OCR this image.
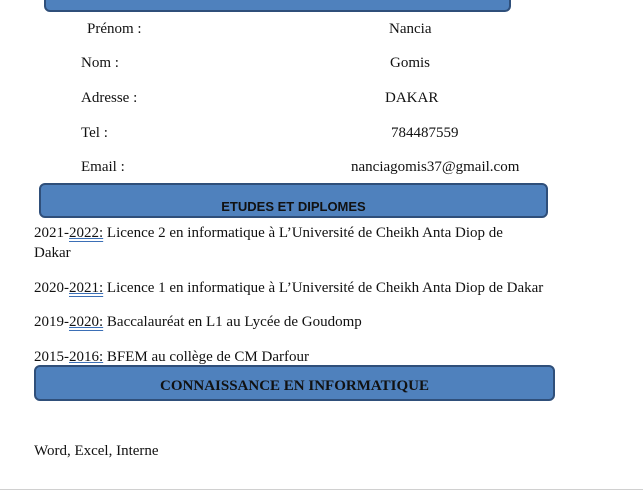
Prénom :	Nancia
Nom :	Gomis
Adresse :	DAKAR
Tel :	784487559
Email :	nanciagomis37@gmail.com
ETUDES ET DIPLOMES
2021-2022: Licence 2 en informatique à L’Université de Cheikh Anta Diop de
Dakar
2020-2021: Licence 1 en informatique à L’Université de Cheikh Anta Diop de Dakar
2019-2020: Baccalauréat en L1 au Lycée de Goudomp
2015-2016: BFEM au collège de CM Darfour
CONNAISSANCE EN INFORMATIQUE
Word, Excel, Interne
